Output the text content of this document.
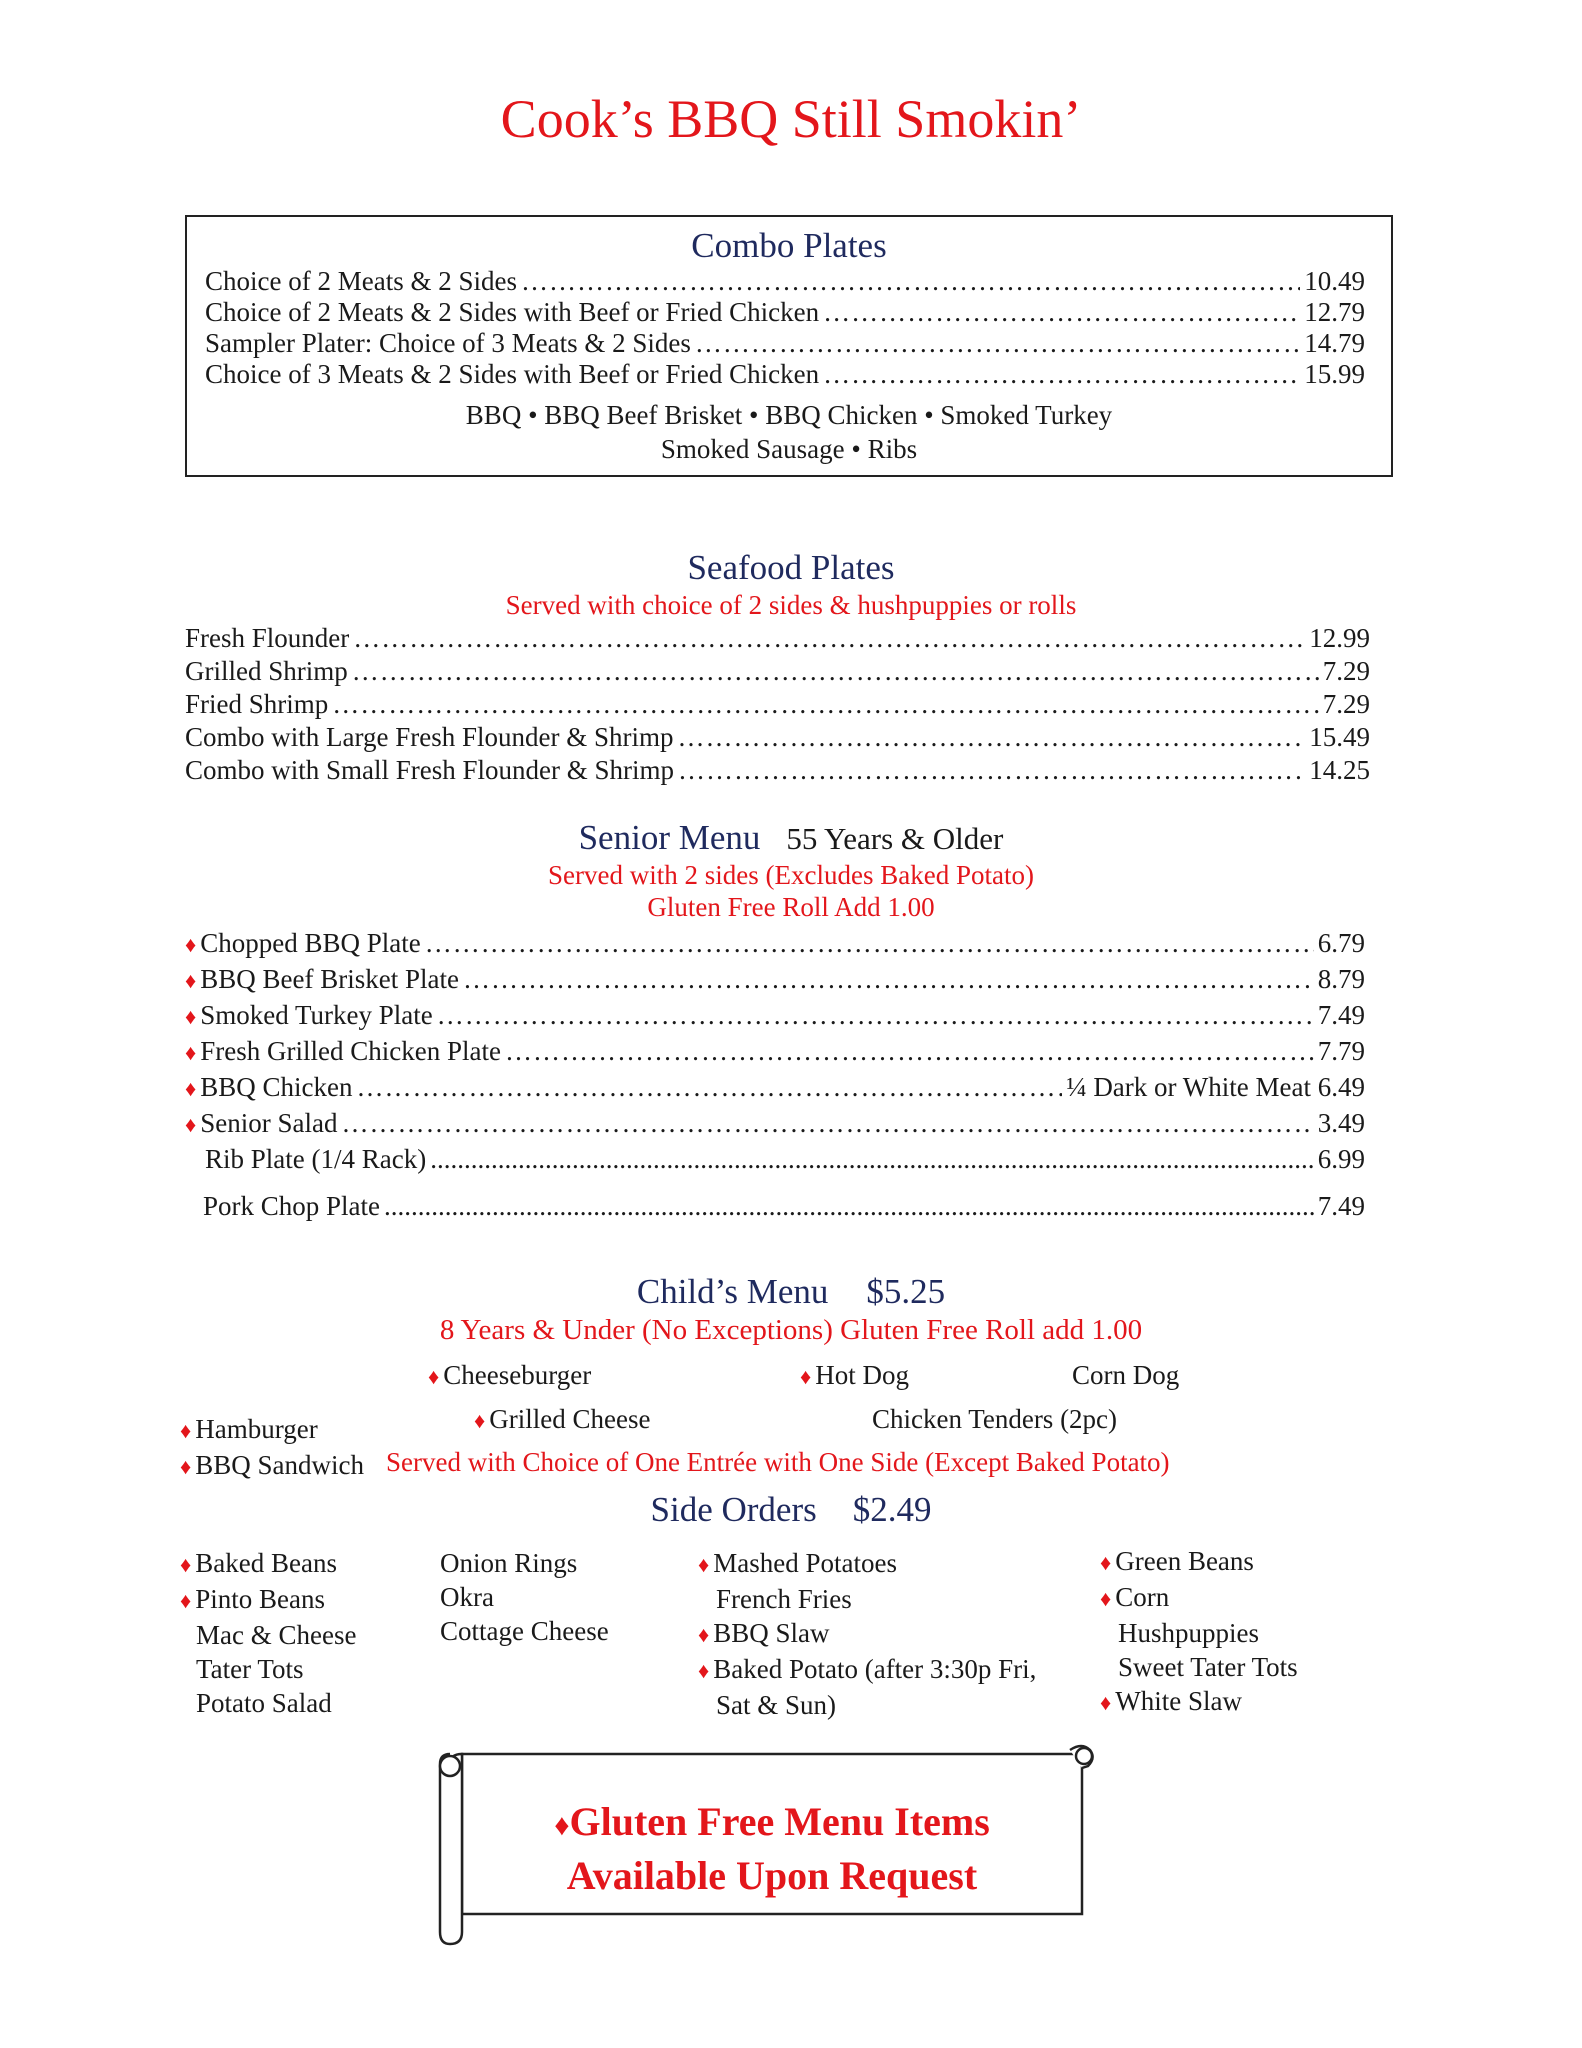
Cook’s BBQ Still Smokin’
Combo Plates
Choice of 2 Meats & 2 Sides ………………………………………………………………………………………………………………………………………………………………………………………………………………………	10.49
Choice of 2 Meats & 2 Sides with Beef or Fried Chicken ………………………………………………………………………………………………………………………………………………………………………………………………………………………	12.79
Sampler Plater: Choice of 3 Meats & 2 Sides ………………………………………………………………………………………………………………………………………………………………………………………………………………………	14.79
Choice of 3 Meats & 2 Sides with Beef or Fried Chicken ………………………………………………………………………………………………………………………………………………………………………………………………………………………	15.99
BBQ • BBQ Beef Brisket • BBQ Chicken • Smoked Turkey
Smoked Sausage • Ribs
Seafood Plates
Served with choice of 2 sides & hushpuppies or rolls
Fresh Flounder ………………………………………………………………………………………………………………………………………………………………………………………………………………………	12.99
Grilled Shrimp ………………………………………………………………………………………………………………………………………………………………………………………………………………………	7.29
Fried Shrimp ………………………………………………………………………………………………………………………………………………………………………………………………………………………	7.29
Combo with Large Fresh Flounder & Shrimp ………………………………………………………………………………………………………………………………………………………………………………………………………………………	15.49
Combo with Small Fresh Flounder & Shrimp ………………………………………………………………………………………………………………………………………………………………………………………………………………………	14.25
Senior Menu 55 Years & Older
Served with 2 sides (Excludes Baked Potato)
Gluten Free Roll Add 1.00
♦ Chopped BBQ Plate ………………………………………………………………………………………………………………………………………………………………………………………………………………………	6.79
♦ BBQ Beef Brisket Plate ………………………………………………………………………………………………………………………………………………………………………………………………………………………	8.79
♦ Smoked Turkey Plate ………………………………………………………………………………………………………………………………………………………………………………………………………………………	7.49
♦ Fresh Grilled Chicken Plate ………………………………………………………………………………………………………………………………………………………………………………………………………………………	7.79
♦ BBQ Chicken ………………………………………………………………………………………………………………………………………………………………………………………………………………………	¼ Dark or White Meat 6.49
♦ Senior Salad ………………………………………………………………………………………………………………………………………………………………………………………………………………………	3.49
Rib Plate (1/4 Rack) .....	6.99
Pork Chop Plate .....	7.49
Child’s Menu $5.25
8 Years & Under (No Exceptions) Gluten Free Roll add 1.00
♦ Cheeseburger	♦ Hot Dog	Corn Dog
♦ Grilled Cheese	Chicken Tenders (2pc)
♦ Hamburger
♦ BBQ Sandwich Served with Choice of One Entrée with One Side (Except Baked Potato)
Side Orders $2.49
♦ Baked Beans
♦ Pinto Beans
Mac & Cheese
Tater Tots
Potato Salad
Onion Rings
Okra
Cottage Cheese
♦ Mashed Potatoes
French Fries
♦ BBQ Slaw
♦ Baked Potato (after 3:30p Fri,
Sat & Sun)
♦ Green Beans
♦ Corn
Hushpuppies
Sweet Tater Tots
♦ White Slaw
♦Gluten Free Menu Items
Available Upon Request
